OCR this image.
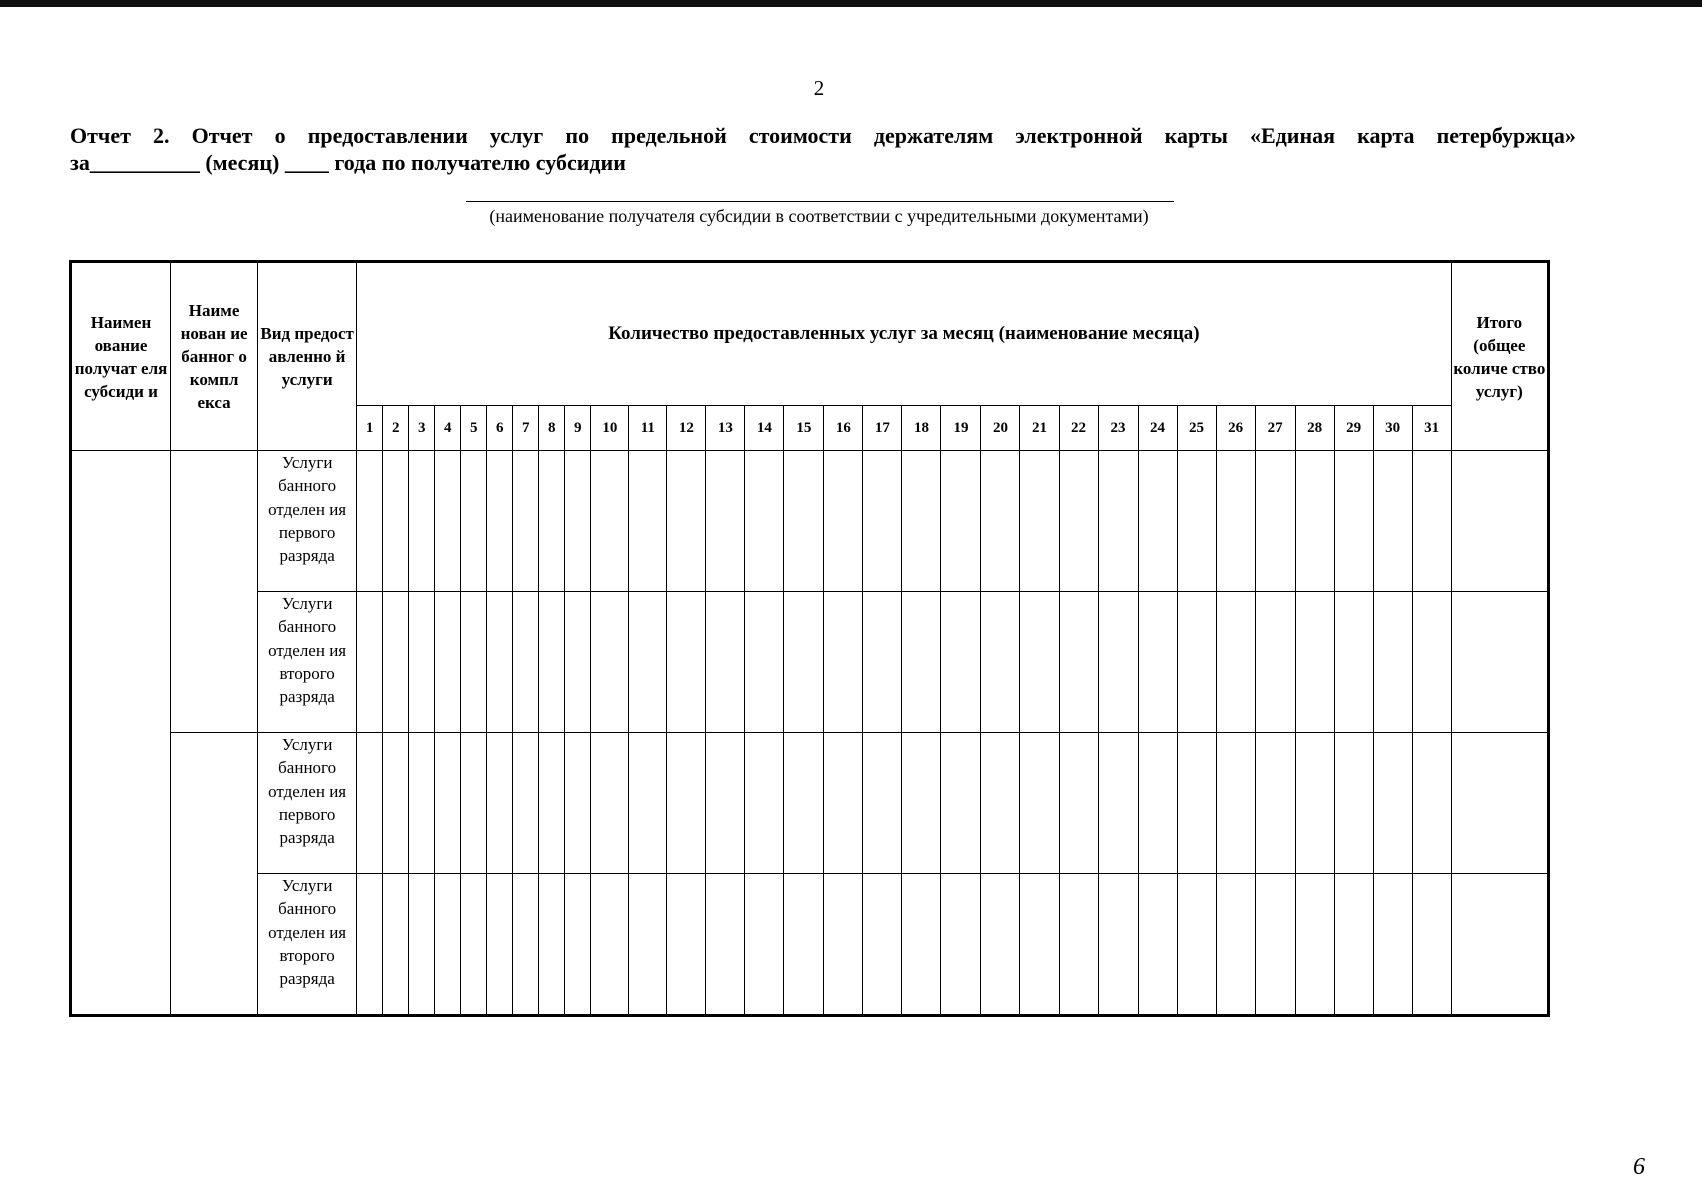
2
Отчет 2. Отчет о предоставлении услуг по предельной стоимости держателям электронной карты «Единая карта петербуржца»
за__________ (месяц) ____ года по получателю субсидии
(наименование получателя субсидии в соответствии с учредительными документами)
Наимен ование получат еля субсиди и	Наиме нован ие банног о компл екса	Вид предост авленно й услуги	Количество предоставленных услуг за месяц (наименование месяца)																															Итого (общее количе ство услуг)
			1	2	3	4	5	6	7	8	9	10	11	12	13	14	15	16	17	18	19	20	21	22	23	24	25	26	27	28	29	30	31	
		Услуги банного отделен ия первого разряда																																
		Услуги банного отделен ия второго разряда																																
		Услуги банного отделен ия первого разряда																																
		Услуги банного отделен ия второго разряда																																
6
